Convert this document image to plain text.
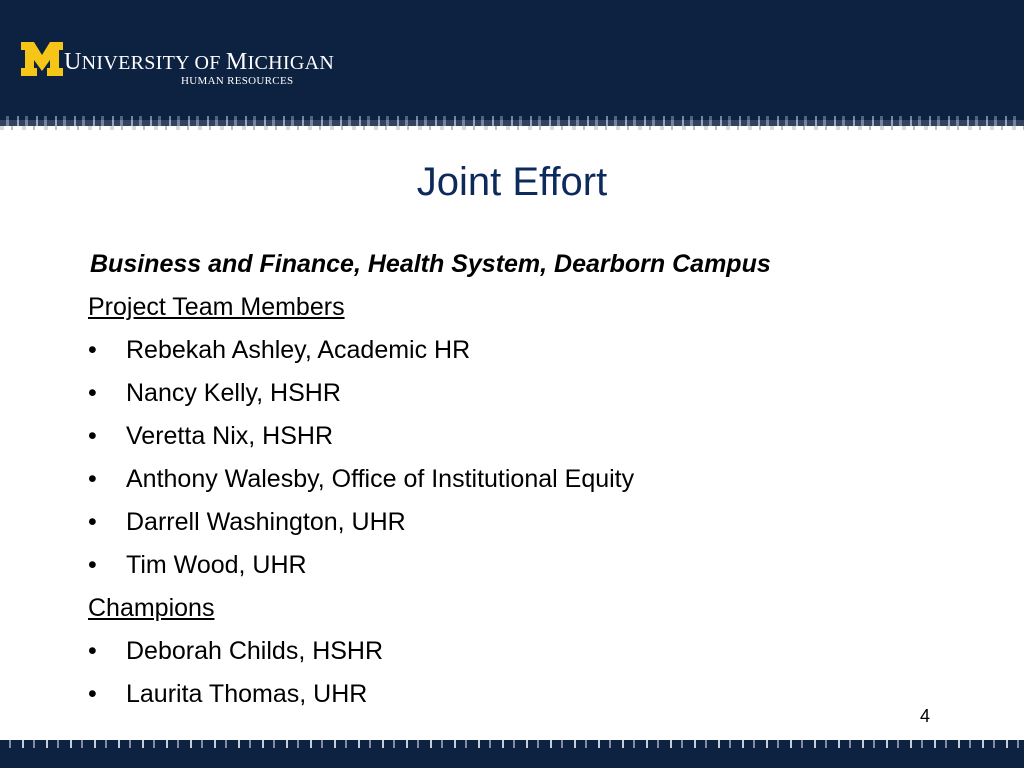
UNIVERSITY OF MICHIGAN
HUMAN RESOURCES
Joint Effort
Business and Finance, Health System, Dearborn Campus
Project Team Members
• Rebekah Ashley, Academic HR
• Nancy Kelly, HSHR
• Veretta Nix, HSHR
• Anthony Walesby, Office of Institutional Equity
• Darrell Washington, UHR
• Tim Wood, UHR
Champions
• Deborah Childs, HSHR
• Laurita Thomas, UHR
4
